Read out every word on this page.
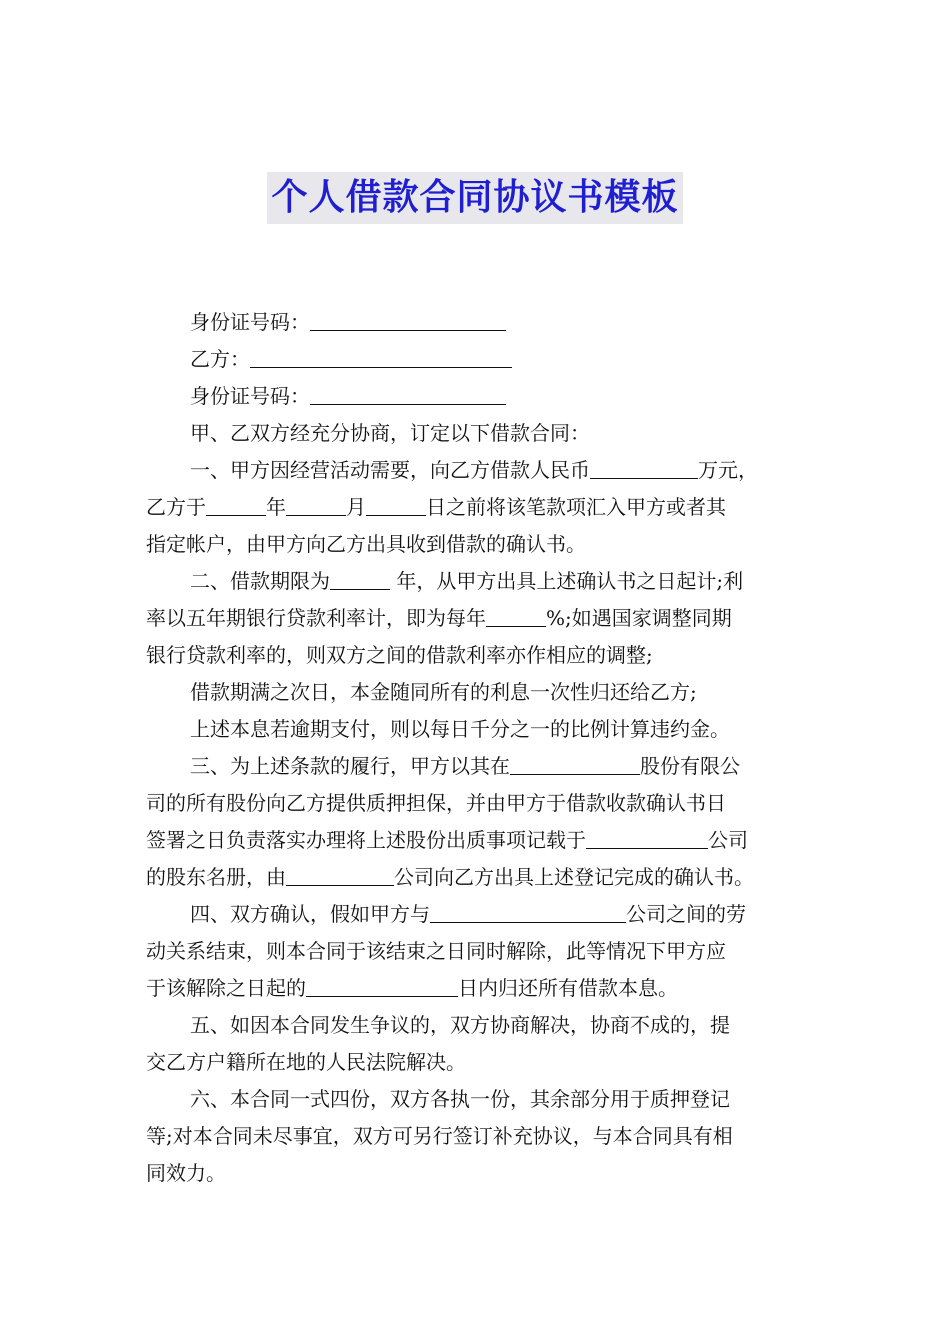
个人借款合同协议书模板
身份证号码：
乙方：
身份证号码：
甲、乙双方经充分协商，订定以下借款合同：
一、甲方因经营活动需要，向乙方借款人民币	万元，
乙方于	年	月	日之前将该笔款项汇入甲方或者其
指定帐户，由甲方向乙方出具收到借款的确认书。
二、借款期限为	年，从甲方出具上述确认书之日起计;利
率以五年期银行贷款利率计，即为每年	%;如遇国家调整同期
银行贷款利率的，则双方之间的借款利率亦作相应的调整;
借款期满之次日，本金随同所有的利息一次性归还给乙方;
上述本息若逾期支付，则以每日千分之一的比例计算违约金。
三、为上述条款的履行，甲方以其在	股份有限公
司的所有股份向乙方提供质押担保，并由甲方于借款收款确认书日
签署之日负责落实办理将上述股份出质事项记载于	公司
的股东名册，由	公司向乙方出具上述登记完成的确认书。
四、双方确认，假如甲方与	公司之间的劳
动关系结束，则本合同于该结束之日同时解除，此等情况下甲方应
于该解除之日起的	日内归还所有借款本息。
五、如因本合同发生争议的，双方协商解决，协商不成的，提
交乙方户籍所在地的人民法院解决。
六、本合同一式四份，双方各执一份，其余部分用于质押登记
等;对本合同未尽事宜，双方可另行签订补充协议，与本合同具有相
同效力。
